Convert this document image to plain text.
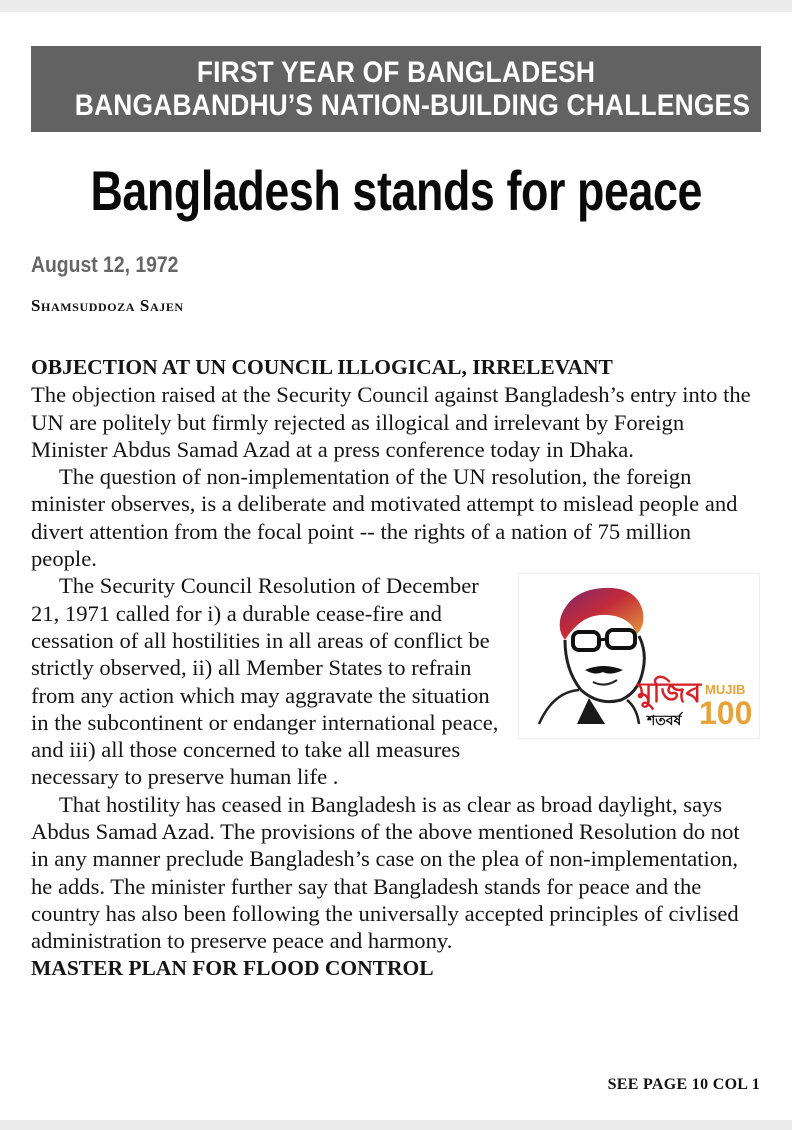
FIRST YEAR OF BANGLADESH
BANGABANDHU’S NATION-BUILDING CHALLENGES
Bangladesh stands for peace
August 12, 1972
Shamsuddoza Sajen

OBJECTION AT UN COUNCIL ILLOGICAL, IRRELEVANT

The objection raised at the Security Council against Bangladesh’s entry into the UN are politely but firmly rejected as illogical and irrelevant by Foreign Minister Abdus Samad Azad at a press conference today in Dhaka.

The question of non-implementation of the UN resolution, the foreign minister observes, is a deliberate and motivated attempt to mislead people and divert attention from the focal point -- the rights of a nation of 75 million people.

মুজিব
শতবর্ষ
MUJIB
100

The Security Council Resolution of December 21, 1971 called for i) a durable cease-fire and cessation of all hostilities in all areas of conflict be strictly observed, ii) all Member States to refrain from any action which may aggravate the situation in the subcontinent or endanger international peace, and iii) all those concerned to take all measures necessary to preserve human life .

That hostility has ceased in Bangladesh is as clear as broad daylight, says Abdus Samad Azad. The provisions of the above mentioned Resolution do not in any manner preclude Bangladesh’s case on the plea of non-implementation, he adds. The minister further say that Bangladesh stands for peace and the country has also been following the universally accepted principles of civlised administration to preserve peace and harmony.

MASTER PLAN FOR FLOOD CONTROL

SEE PAGE 10 COL 1
